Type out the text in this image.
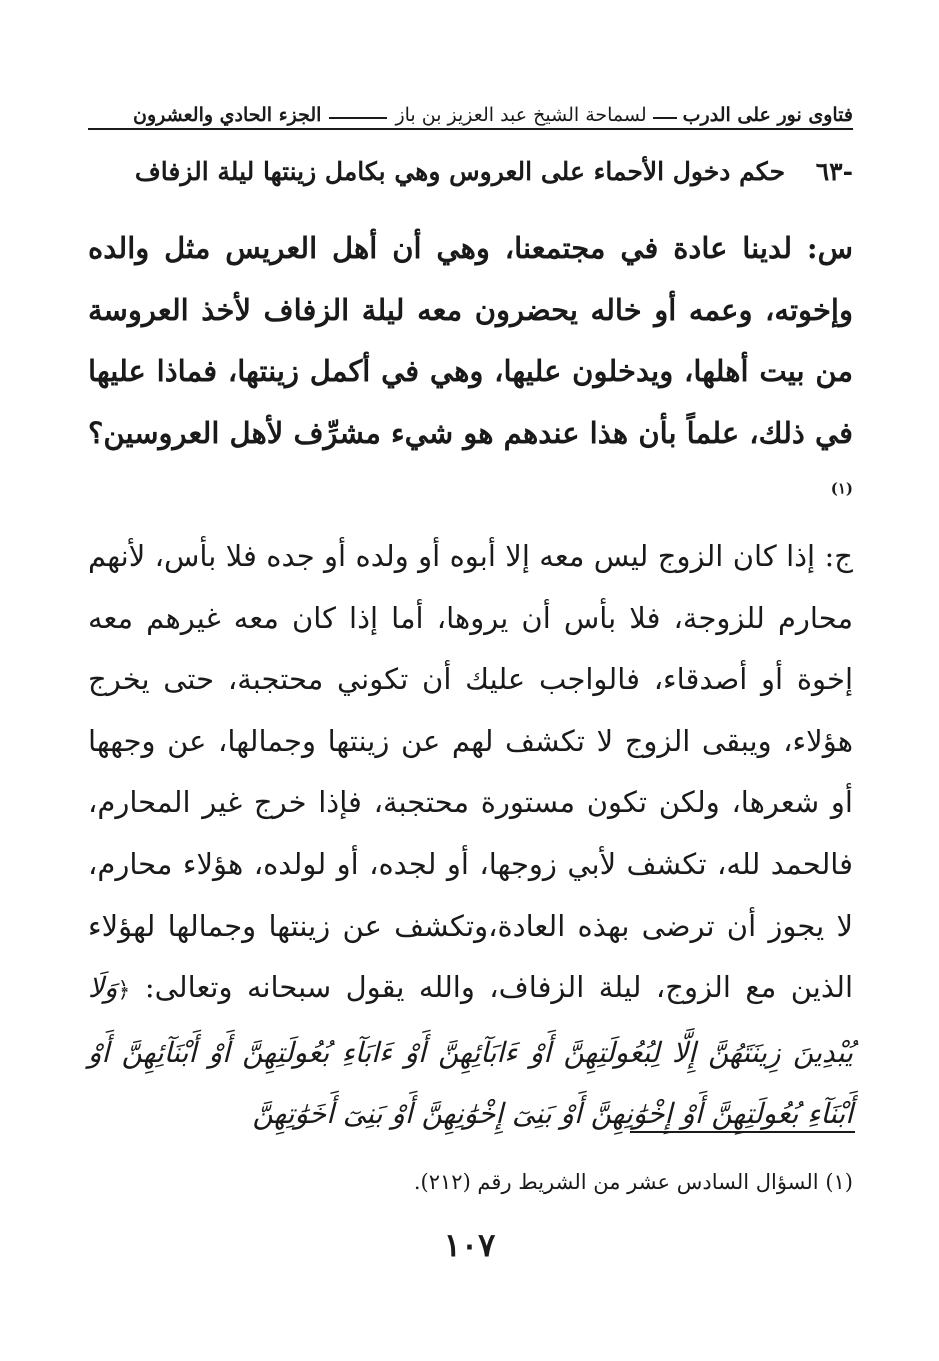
فتاوى نور على الدرب
لسماحة الشيخ عبد العزيز بن باز
الجزء الحادي والعشرون
-٦٣ حكم دخول الأحماء على العروس وهي بكامل زينتها ليلة الزفاف

س: لدينا عادة في مجتمعنا، وهي أن أهل العريس مثل والده وإخوته، وعمه أو خاله يحضرون معه ليلة الزفاف لأخذ العروسة من بيت أهلها، ويدخلون عليها، وهي في أكمل زينتها، فماذا عليها في ذلك، علماً بأن هذا عندهم هو شيء مشرِّف لأهل العروسين؟$^{(١)}$

ج: إذا كان الزوج ليس معه إلا أبوه أو ولده أو جده فلا بأس، لأنهم محارم للزوجة، فلا بأس أن يروها، أما إذا كان معه غيرهم معه إخوة أو أصدقاء، فالواجب عليك أن تكوني محتجبة، حتى يخرج هؤلاء، ويبقى الزوج لا تكشف لهم عن زينتها وجمالها، عن وجهها أو شعرها، ولكن تكون مستورة محتجبة، فإذا خرج غير المحارم، فالحمد لله، تكشف لأبي زوجها، أو لجده، أو لولده، هؤلاء محارم، لا يجوز أن ترضى بهذه العادة،وتكشف عن زينتها وجمالها لهؤلاء الذين مع الزوج، ليلة الزفاف، والله يقول سبحانه وتعالى: ﴿وَلَا يُبْدِينَ زِينَتَهُنَّ إِلَّا لِبُعُولَتِهِنَّ أَوْ ءَابَآئِهِنَّ أَوْ ءَابَآءِ بُعُولَتِهِنَّ أَوْ أَبْنَآئِهِنَّ أَوْ أَبْنَآءِ بُعُولَتِهِنَّ أَوْ إِخْوَٰنِهِنَّ أَوْ بَنِىٓ إِخْوَٰنِهِنَّ أَوْ بَنِىٓ أَخَوَٰتِهِنَّ

(١) السؤال السادس عشر من الشريط رقم (٢١٢).
١٠٧
